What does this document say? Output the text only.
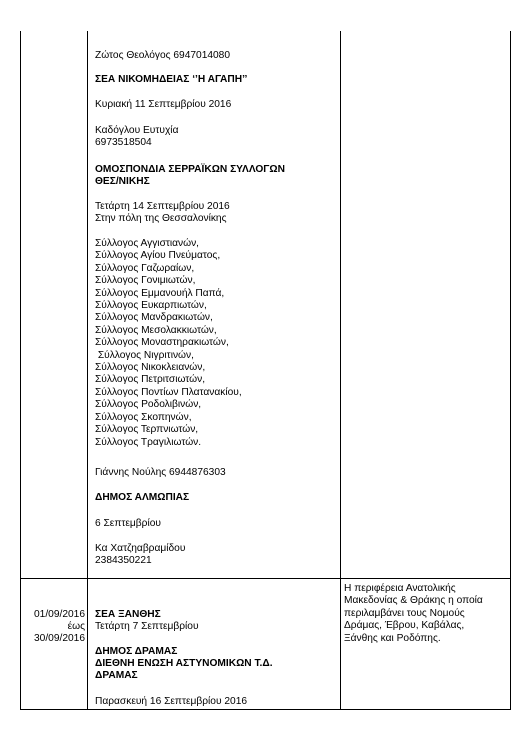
Ζώτος Θεολόγος 6947014080
ΣΕΑ ΝΙΚΟΜΗΔΕΙΑΣ ‘’Η ΑΓΑΠΗ’’
Κυριακή 11 Σεπτεμβρίου 2016
Καδόγλου Ευτυχία
6973518504
ΟΜΟΣΠΟΝΔΙΑ ΣΕΡΡΑΪΚΩΝ ΣΥΛΛΟΓΩΝ
ΘΕΣ/ΝΙΚΗΣ
Τετάρτη 14 Σεπτεμβρίου 2016
Στην πόλη της Θεσσαλονίκης
Σύλλογος Αγγιστιανών,
Σύλλογος Αγίου Πνεύματος,
Σύλλογος Γαζωραίων,
Σύλλογος Γονιμιωτών,
Σύλλογος Εμμανουήλ Παπά,
Σύλλογος Ευκαρπιωτών,
Σύλλογος Μανδρακιωτών,
Σύλλογος Μεσολακκιωτών,
Σύλλογος Μοναστηρακιωτών,
Σύλλογος Νιγριτινών,
Σύλλογος Νικοκλειανών,
Σύλλογος Πετριτσιωτών,
Σύλλογος Ποντίων Πλατανακίου,
Σύλλογος Ροδολιβινών,
Σύλλογος Σκοπηνών,
Σύλλογος Τερπνιωτών,
Σύλλογος Τραγιλιωτών.
Γιάννης Νούλης 6944876303
ΔΗΜΟΣ ΑΛΜΩΠΙΑΣ
6 Σεπτεμβρίου
Κα Χατζηαβραμίδου
2384350221
01/09/2016
έως
30/09/2016
ΣΕΑ ΞΑΝΘΗΣ
Τετάρτη 7 Σεπτεμβρίου
ΔΗΜΟΣ ΔΡΑΜΑΣ
ΔΙΕΘΝΗ ΕΝΩΣΗ ΑΣΤΥΝΟΜΙΚΩΝ Τ.Δ.
ΔΡΑΜΑΣ
Παρασκευή 16 Σεπτεμβρίου 2016
Η περιφέρεια Ανατολικής
Μακεδονίας & Θράκης η οποία
περιλαμβάνει τους Νομούς
Δράμας, Έβρου, Καβάλας,
Ξάνθης και Ροδόπης.
